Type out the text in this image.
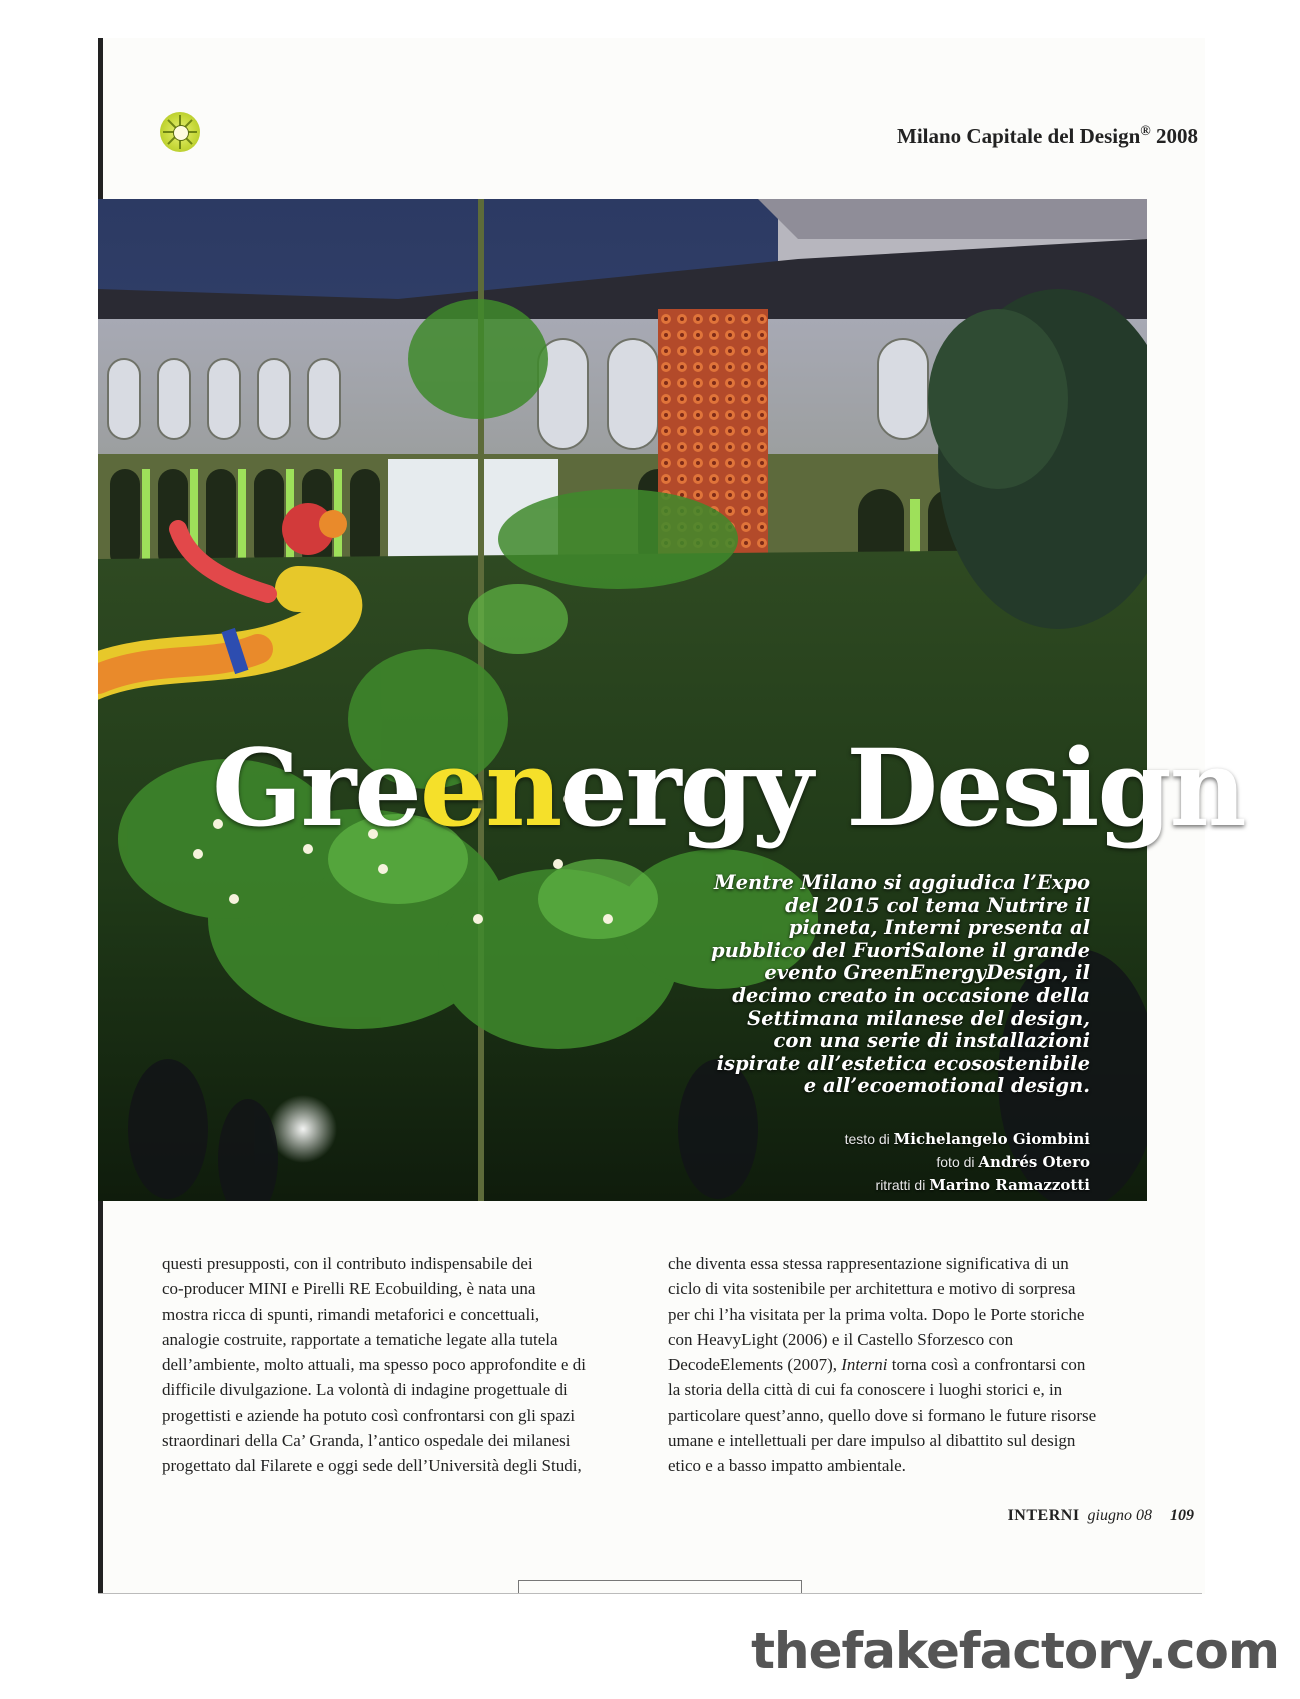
Milano Capitale del Design® 2008
Greenergy Design
Mentre Milano si aggiudica l’Expo
del 2015 col tema Nutrire il
pianeta, Interni presenta al
pubblico del FuoriSalone il grande
evento GreenEnergyDesign, il
decimo creato in occasione della
Settimana milanese del design,
con una serie di installazioni
ispirate all’estetica ecosostenibile
e all’ecoemotional design.
testo di Michelangelo Giombini
foto di Andrés Otero
ritratti di Marino Ramazzotti

questi presupposti, con il contributo indispensabile dei

co-producer MINI e Pirelli RE Ecobuilding, è nata una

mostra ricca di spunti, rimandi metaforici e concettuali,

analogie costruite, rapportate a tematiche legate alla tutela

dell’ambiente, molto attuali, ma spesso poco approfondite e di

difficile divulgazione. La volontà di indagine progettuale di

progettisti e aziende ha potuto così confrontarsi con gli spazi

straordinari della Ca’ Granda, l’antico ospedale dei milanesi

progettato dal Filarete e oggi sede dell’Università degli Studi,

che diventa essa stessa rappresentazione significativa di un

ciclo di vita sostenibile per architettura e motivo di sorpresa

per chi l’ha visitata per la prima volta. Dopo le Porte storiche

con HeavyLight (2006) e il Castello Sforzesco con

DecodeElements (2007), Interni torna così a confrontarsi con

la storia della città di cui fa conoscere i luoghi storici e, in

particolare quest’anno, quello dove si formano le future risorse

umane e intellettuali per dare impulso al dibattito sul design

etico e a basso impatto ambientale.

INTERNI giugno 08 109
thefakefactory.com
